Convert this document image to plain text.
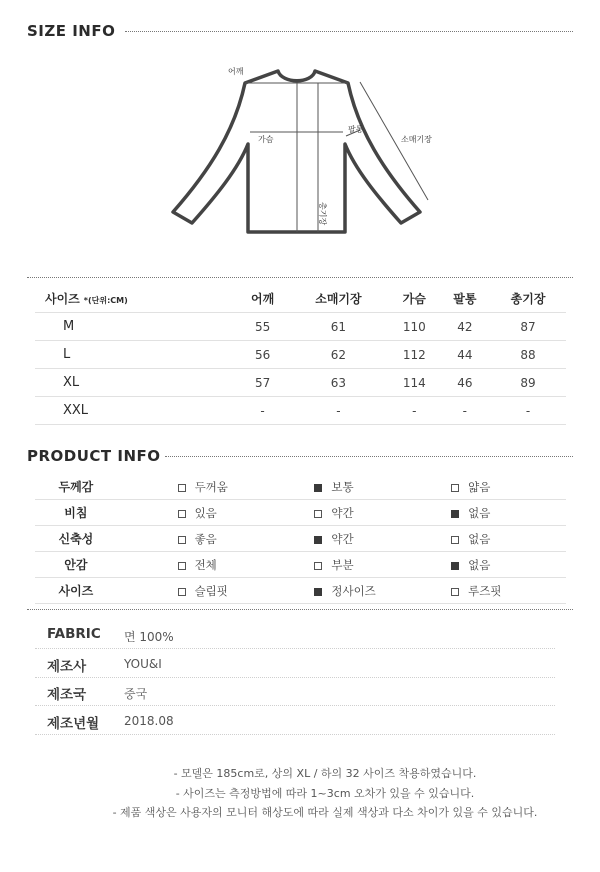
SIZE INFO
어깨
가슴
팔통
소매기장
총기장
사이즈 *(단위:CM)	어깨	소매기장	가슴	팔통	총기장
M	55	61	110	42	87
L	56	62	112	44	88
XL	57	63	114	46	89
XXL	-	-	-	-	-
PRODUCT INFO
두께감		두꺼움	보통	얇음
비침		있음	약간	없음
신축성		좋음	약간	없음
안감		전체	부분	없음
사이즈		슬림핏	정사이즈	루즈핏
FABRIC 면 100%
제조사	YOU&I
제조국	중국
제조년월 2018.08
- 모델은 185cm로, 상의 XL / 하의 32 사이즈 착용하였습니다.
- 사이즈는 측정방법에 따라 1~3cm 오차가 있을 수 있습니다.
- 제품 색상은 사용자의 모니터 해상도에 따라 실제 색상과 다소 차이가 있을 수 있습니다.
